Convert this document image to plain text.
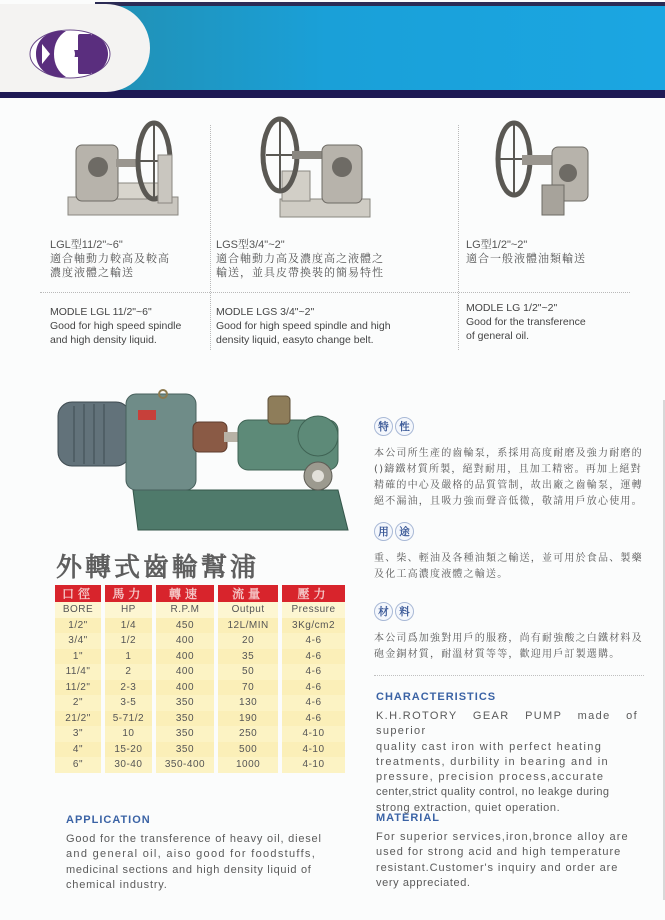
LGL型11/2"~6"
適合軸動力較高及較高
濃度液體之輸送
MODLE LGL 11/2"~6"
Good for high speed spindle
and high density liquid.
LGS型3/4"~2"
適合軸動力高及濃度高之液體之
輸送，並具皮帶換裝的簡易特性
MODLE LGS 3/4"~2"
Good for high speed spindle and high
density liquid, easyto change belt.
LG型1/2"~2"
適合一般液體油類輸送
MODLE LG 1/2"~2"
Good for the transference
of general oil.
外轉式齒輪幫浦
口徑	馬力	轉速	流量	壓力
BORE	HP	R.P.M	Output	Pressure
1/2"	1/4	450	12L/MIN	3Kg/cm2
3/4"	1/2	400	20	4-6
1"	1	400	35	4-6
11/4"	2	400	50	4-6
11/2"	2-3	400	70	4-6
2"	3-5	350	130	4-6
21/2"	5-71/2	350	190	4-6
3"	10	350	250	4-10
4"	15-20	350	500	4-10
6"	30-40	350-400	1000	4-10
特	性
本公司所生產的齒輪泵，系採用高度耐磨及強力耐磨的
()鑄鐵材質所製，絕對耐用，且加工精密。再加上絕對
精確的中心及嚴格的品質管制，故出廠之齒輪泵，運轉
絕不漏油，且吸力強而聲音低微，敬請用戶放心使用。
用	途
重、柴、輕油及各種油類之輸送，並可用於食品、製藥
及化工高濃度液體之輸送。
材	料
本公司爲加強對用戶的服務，尚有耐強酸之白鐵材料及
砲金銅材質，耐溫材質等等，歡迎用戶訂製選購。
CHARACTERISTICS
K.H.ROTORY GEAR PUMP made of superior
quality cast iron with perfect heating
treatments, durbility in bearing and in
pressure, precision process,accurate
center,strict quality control, no leakge during
strong extraction, quiet operation.
APPLICATION
Good for the transference of heavy oil, diesel
and general oil, aiso good for foodstuffs,
medicinal sections and high density liquid of
chemical industry.
MATERIAL
For superior services,iron,bronce alloy are
used for strong acid and high temperature
resistant.Customer's inquiry and order are
very appreciated.
